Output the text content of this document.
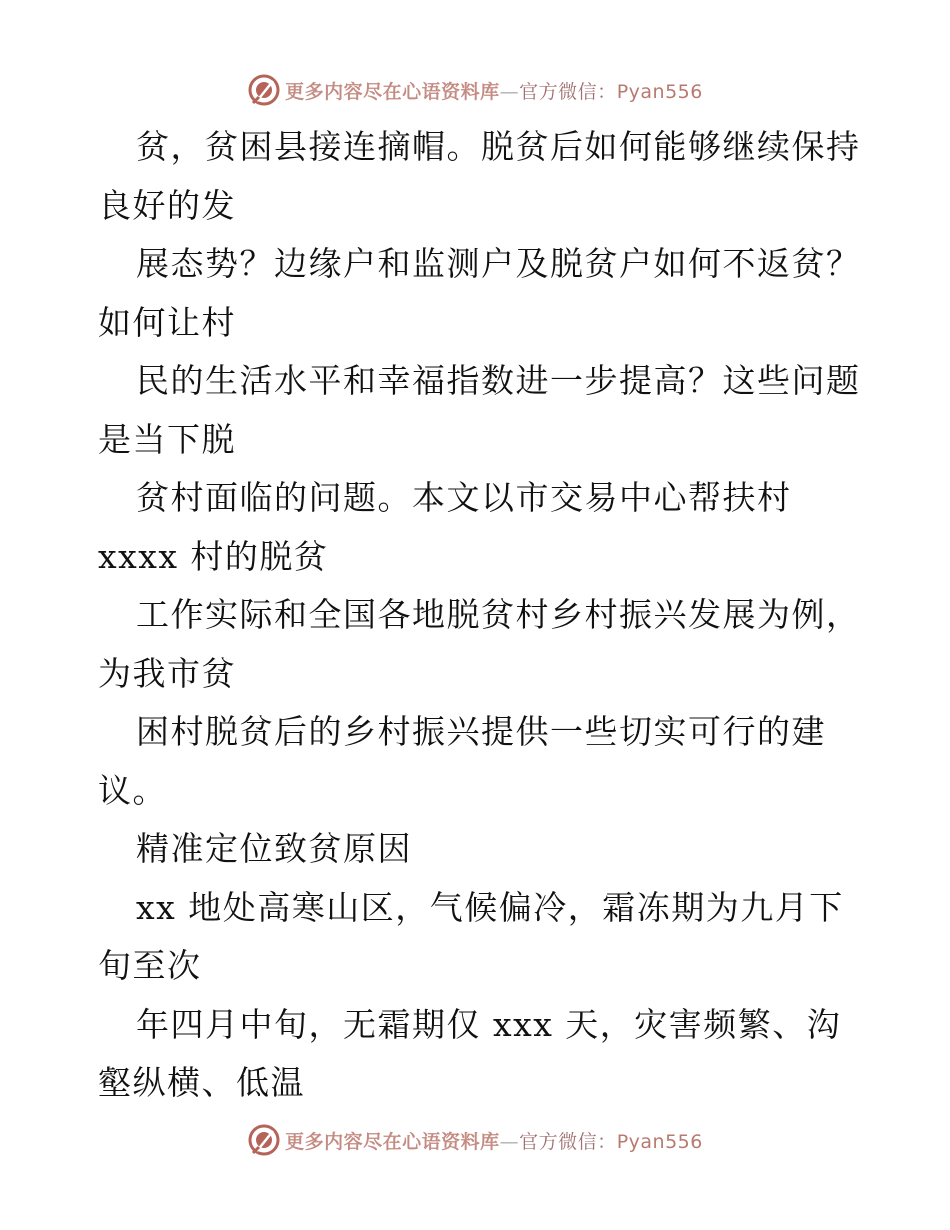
更多内容尽在心语资料库—官方微信：Pyan556
贫，贫困县接连摘帽。脱贫后如何能够继续保持
良好的发
展态势？边缘户和监测户及脱贫户如何不返贫？
如何让村
民的生活水平和幸福指数进一步提高？这些问题
是当下脱
贫村面临的问题。本文以市交易中心帮扶村
xxxx 村的脱贫
工作实际和全国各地脱贫村乡村振兴发展为例，
为我市贫
困村脱贫后的乡村振兴提供一些切实可行的建
议。
精准定位致贫原因
xx 地处高寒山区，气候偏冷，霜冻期为九月下
旬至次
年四月中旬，无霜期仅 xxx 天，灾害频繁、沟
壑纵横、低温
更多内容尽在心语资料库—官方微信：Pyan556
